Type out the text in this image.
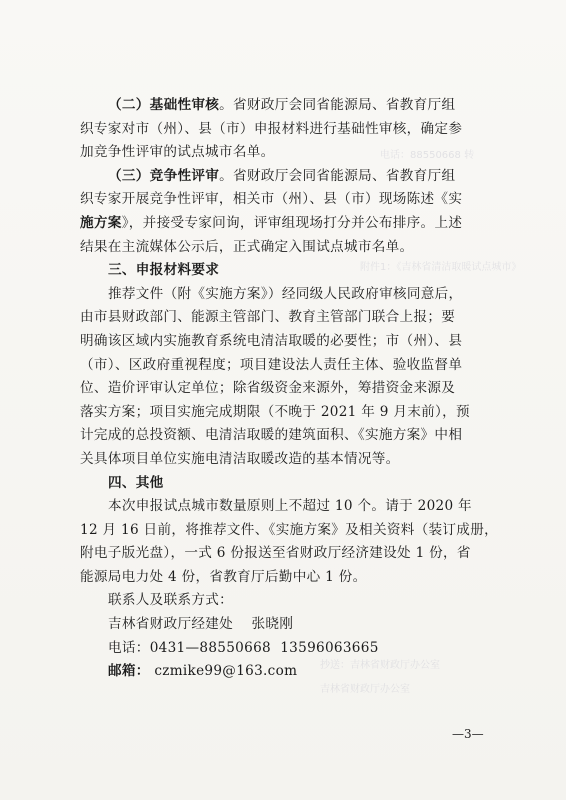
电话：88550668 转
附件1：《吉林省清洁取暖试点城市》
抄送：吉林省财政厅办公室
吉林省财政厅办公室
（二）基础性审核。省财政厅会同省能源局、省教育厅组
织专家对市（州）、县（市）申报材料进行基础性审核，确定参
加竞争性评审的试点城市名单。
（三）竞争性评审。省财政厅会同省能源局、省教育厅组
织专家开展竞争性评审，相关市（州）、县（市）现场陈述《实
施方案》，并接受专家问询，评审组现场打分并公布排序。上述
结果在主流媒体公示后，正式确定入围试点城市名单。
三、申报材料要求
推荐文件（附《实施方案》）经同级人民政府审核同意后，
由市县财政部门、能源主管部门、教育主管部门联合上报；要
明确该区域内实施教育系统电清洁取暖的必要性；市（州）、县
（市）、区政府重视程度；项目建设法人责任主体、验收监督单
位、造价评审认定单位；除省级资金来源外，筹措资金来源及
落实方案；项目实施完成期限（不晚于 2021 年 9 月末前），预
计完成的总投资额、电清洁取暖的建筑面积、《实施方案》中相
关具体项目单位实施电清洁取暖改造的基本情况等。
四、其他
本次申报试点城市数量原则上不超过 10 个。请于 2020 年
12 月 16 日前，将推荐文件、《实施方案》及相关资料（装订成册，
附电子版光盘），一式 6 份报送至省财政厅经济建设处 1 份，省
能源局电力处 4 份，省教育厅后勤中心 1 份。
联系人及联系方式：
吉林省财政厅经建处 张晓刚
电话：0431—88550668 13596063665
邮箱： czmike99@163.com
—3—
